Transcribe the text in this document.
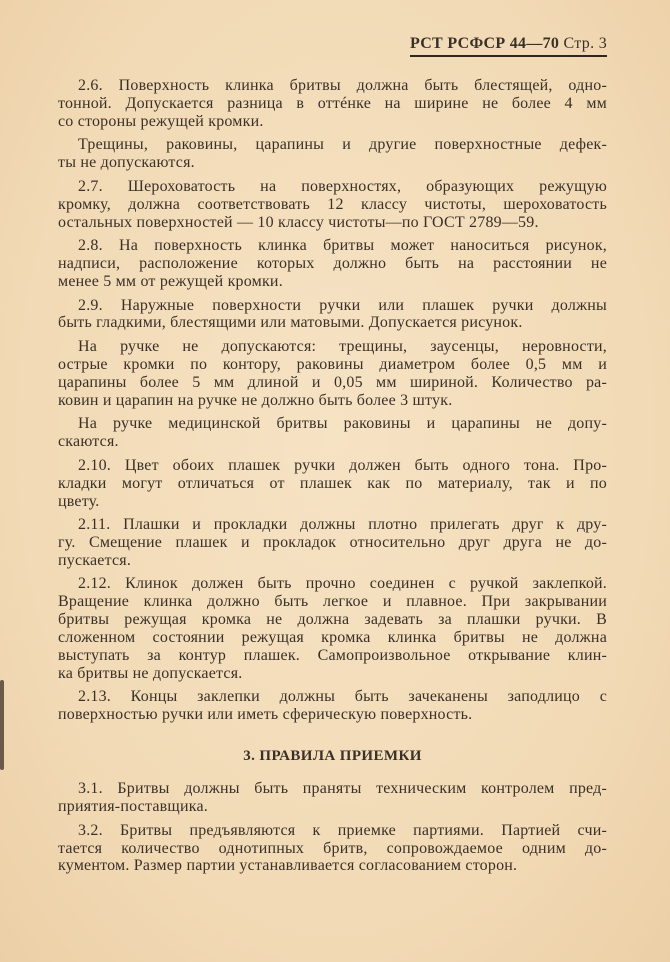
РСТ РСФСР 44—70 Стр. 3
2.6. Поверхность клинка бритвы должна быть блестящей, одно-
тонной. Допускается разница в оттéнке на ширине не более 4 мм
со стороны режущей кромки.
Трещины, раковины, царапины и другие поверхностные дефек-
ты не допускаются.
2.7. Шероховатость на поверхностях, образующих режущую
кромку, должна соответствовать 12 классу чистоты, шероховатость
остальных поверхностей — 10 классу чистоты—по ГОСТ 2789—59.
2.8. На поверхность клинка бритвы может наноситься рисунок,
надписи, расположение которых должно быть на расстоянии не
менее 5 мм от режущей кромки.
2.9. Наружные поверхности ручки или плашек ручки должны
быть гладкими, блестящими или матовыми. Допускается рисунок.
На ручке не допускаются: трещины, заусенцы, неровности,
острые кромки по контору, раковины диаметром более 0,5 мм и
царапины более 5 мм длиной и 0,05 мм шириной. Количество ра-
ковин и царапин на ручке не должно быть более 3 штук.
На ручке медицинской бритвы раковины и царапины не допу-
скаются.
2.10. Цвет обоих плашек ручки должен быть одного тона. Про-
кладки могут отличаться от плашек как по материалу, так и по
цвету.
2.11. Плашки и прокладки должны плотно прилегать друг к дру-
гу. Смещение плашек и прокладок относительно друг друга не до-
пускается.
2.12. Клинок должен быть прочно соединен с ручкой заклепкой.
Вращение клинка должно быть легкое и плавное. При закрывании
бритвы режущая кромка не должна задевать за плашки ручки. В
сложенном состоянии режущая кромка клинка бритвы не должна
выступать за контур плашек. Самопроизвольное открывание клин-
ка бритвы не допускается.
2.13. Концы заклепки должны быть зачеканены заподлицо с
поверхностью ручки или иметь сферическую поверхность.
3. ПРАВИЛА ПРИЕМКИ
3.1. Бритвы должны быть праняты техническим контролем пред-
приятия-поставщика.
3.2. Бритвы предъявляются к приемке партиями. Партией счи-
тается количество однотипных бритв, сопровождаемое одним до-
кументом. Размер партии устанавливается согласованием сторон.
